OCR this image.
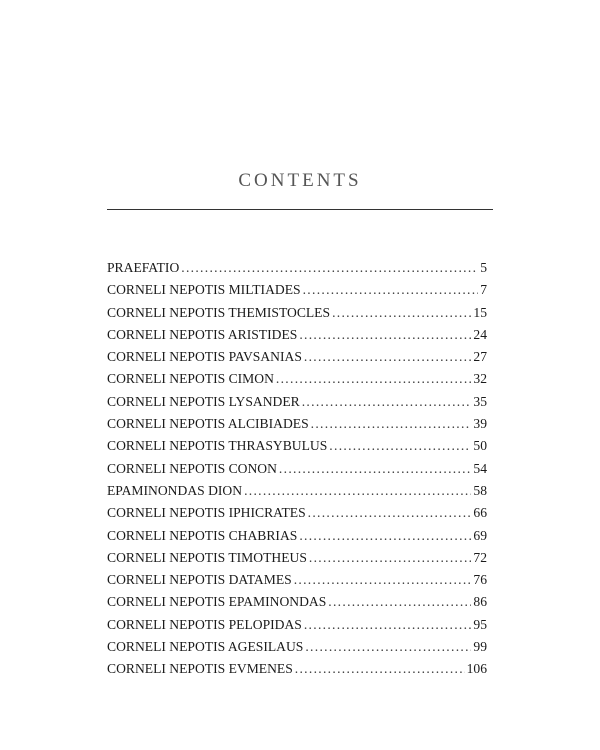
CONTENTS
PRAEFATIO .....	5
CORNELI NEPOTIS MILTIADES .....	7
CORNELI NEPOTIS THEMISTOCLES .....	15
CORNELI NEPOTIS ARISTIDES .....	24
CORNELI NEPOTIS PAVSANIAS .....	27
CORNELI NEPOTIS CIMON .....	32
CORNELI NEPOTIS LYSANDER .....	35
CORNELI NEPOTIS ALCIBIADES .....	39
CORNELI NEPOTIS THRASYBULUS .....	50
CORNELI NEPOTIS CONON .....	54
EPAMINONDAS DION .....	58
CORNELI NEPOTIS IPHICRATES .....	66
CORNELI NEPOTIS CHABRIAS .....	69
CORNELI NEPOTIS TIMOTHEUS .....	72
CORNELI NEPOTIS DATAMES .....	76
CORNELI NEPOTIS EPAMINONDAS .....	86
CORNELI NEPOTIS PELOPIDAS .....	95
CORNELI NEPOTIS AGESILAUS .....	99
CORNELI NEPOTIS EVMENES .....	106
